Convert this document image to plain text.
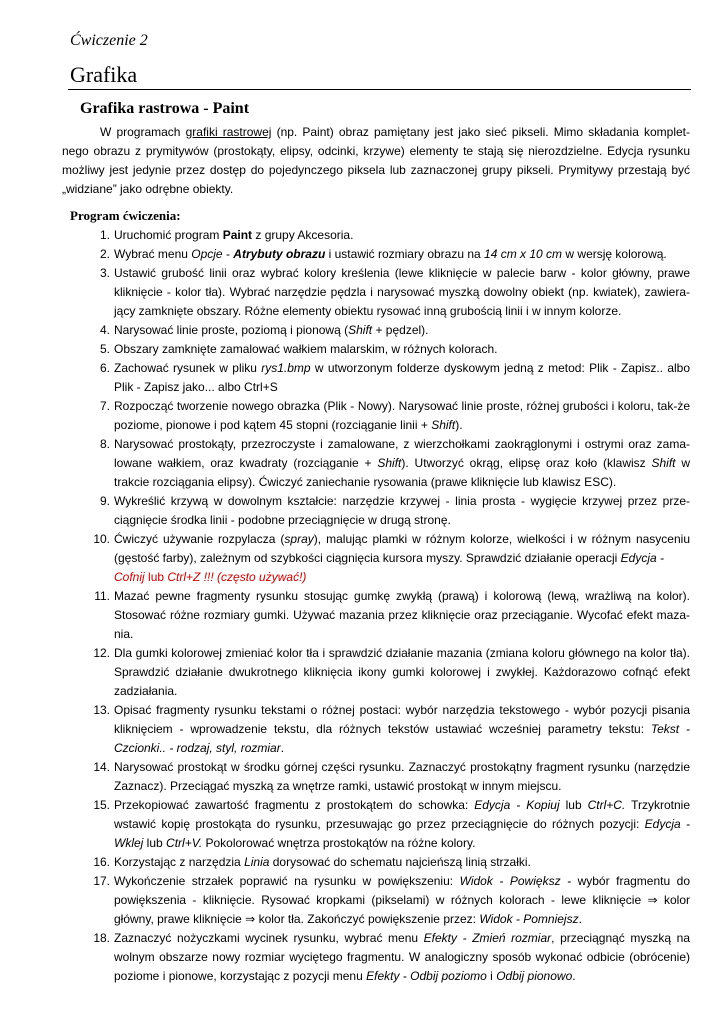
Ćwiczenie 2
Grafika
Grafika rastrowa - Paint

W programach grafiki rastrowej (np. Paint) obraz pamiętany jest jako sieć pikseli. Mimo składania komplet-nego obrazu z prymitywów (prostokąty, elipsy, odcinki, krzywe) elementy te stają się nierozdzielne. Edycja rysunku możliwy jest jedynie przez dostęp do pojedynczego piksela lub zaznaczonej grupy pikseli. Prymitywy przestają być „widziane” jako odrębne obiekty.

Program ćwiczenia:
1. Uruchomić program Paint z grupy Akcesoria.
2. Wybrać menu Opcje - Atrybuty obrazu i ustawić rozmiary obrazu na 14 cm x 10 cm w wersję kolorową.
3. Ustawić grubość linii oraz wybrać kolory kreślenia (lewe kliknięcie w palecie barw - kolor główny, prawe kliknięcie - kolor tła). Wybrać narzędzie pędzla i narysować myszką dowolny obiekt (np. kwiatek), zawiera-jący zamknięte obszary. Różne elementy obiektu rysować inną grubością linii i w innym kolorze.
4. Narysować linie proste, poziomą i pionową (Shift + pędzel).
5. Obszary zamknięte zamalować wałkiem malarskim, w różnych kolorach.
6. Zachować rysunek w pliku rys1.bmp w utworzonym folderze dyskowym jedną z metod: Plik - Zapisz.. albo Plik - Zapisz jako... albo Ctrl+S
7. Rozpocząć tworzenie nowego obrazka (Plik - Nowy). Narysować linie proste, różnej grubości i koloru, tak-że poziome, pionowe i pod kątem 45 stopni (rozciąganie linii + Shift).
8. Narysować prostokąty, przezroczyste i zamalowane, z wierzchołkami zaokrąglonymi i ostrymi oraz zama-lowane wałkiem, oraz kwadraty (rozciąganie + Shift). Utworzyć okrąg, elipsę oraz koło (klawisz Shift w trakcie rozciągania elipsy). Ćwiczyć zaniechanie rysowania (prawe kliknięcie lub klawisz ESC).
9. Wykreślić krzywą w dowolnym kształcie: narzędzie krzywej - linia prosta - wygięcie krzywej przez prze-ciągnięcie środka linii - podobne przeciągnięcie w drugą stronę.
10. Ćwiczyć używanie rozpylacza (spray), malując plamki w różnym kolorze, wielkości i w różnym nasyceniu (gęstość farby), zależnym od szybkości ciągnięcia kursora myszy. Sprawdzić działanie operacji Edycja -
Cofnij lub Ctrl+Z !!! (często używać!)
11. Mazać pewne fragmenty rysunku stosując gumkę zwykłą (prawą) i kolorową (lewą, wrażliwą na kolor). Stosować różne rozmiary gumki. Używać mazania przez kliknięcie oraz przeciąganie. Wycofać efekt maza-nia.
12. Dla gumki kolorowej zmieniać kolor tła i sprawdzić działanie mazania (zmiana koloru głównego na kolor tła). Sprawdzić działanie dwukrotnego kliknięcia ikony gumki kolorowej i zwykłej. Każdorazowo cofnąć efekt zadziałania.
13. Opisać fragmenty rysunku tekstami o różnej postaci: wybór narzędzia tekstowego - wybór pozycji pisania kliknięciem - wprowadzenie tekstu, dla różnych tekstów ustawiać wcześniej parametry tekstu: Tekst - Czcionki.. - rodzaj, styl, rozmiar.
14. Narysować prostokąt w środku górnej części rysunku. Zaznaczyć prostokątny fragment rysunku (narzędzie Zaznacz). Przeciągać myszką za wnętrze ramki, ustawić prostokąt w innym miejscu.
15. Przekopiować zawartość fragmentu z prostokątem do schowka: Edycja - Kopiuj lub Ctrl+C. Trzykrotnie wstawić kopię prostokąta do rysunku, przesuwając go przez przeciągnięcie do różnych pozycji: Edycja - Wklej lub Ctrl+V. Pokolorować wnętrza prostokątów na różne kolory.
16. Korzystając z narzędzia Linia dorysować do schematu najcieńszą linią strzałki.
17. Wykończenie strzałek poprawić na rysunku w powiększeniu: Widok - Powiększ - wybór fragmentu do powiększenia - kliknięcie. Rysować kropkami (pikselami) w różnych kolorach - lewe kliknięcie ⇒ kolor główny, prawe kliknięcie ⇒ kolor tła. Zakończyć powiększenie przez: Widok - Pomniejsz.
18. Zaznaczyć nożyczkami wycinek rysunku, wybrać menu Efekty - Zmień rozmiar, przeciągnąć myszką na wolnym obszarze nowy rozmiar wyciętego fragmentu. W analogiczny sposób wykonać odbicie (obrócenie) poziome i pionowe, korzystając z pozycji menu Efekty - Odbij poziomo i Odbij pionowo.
